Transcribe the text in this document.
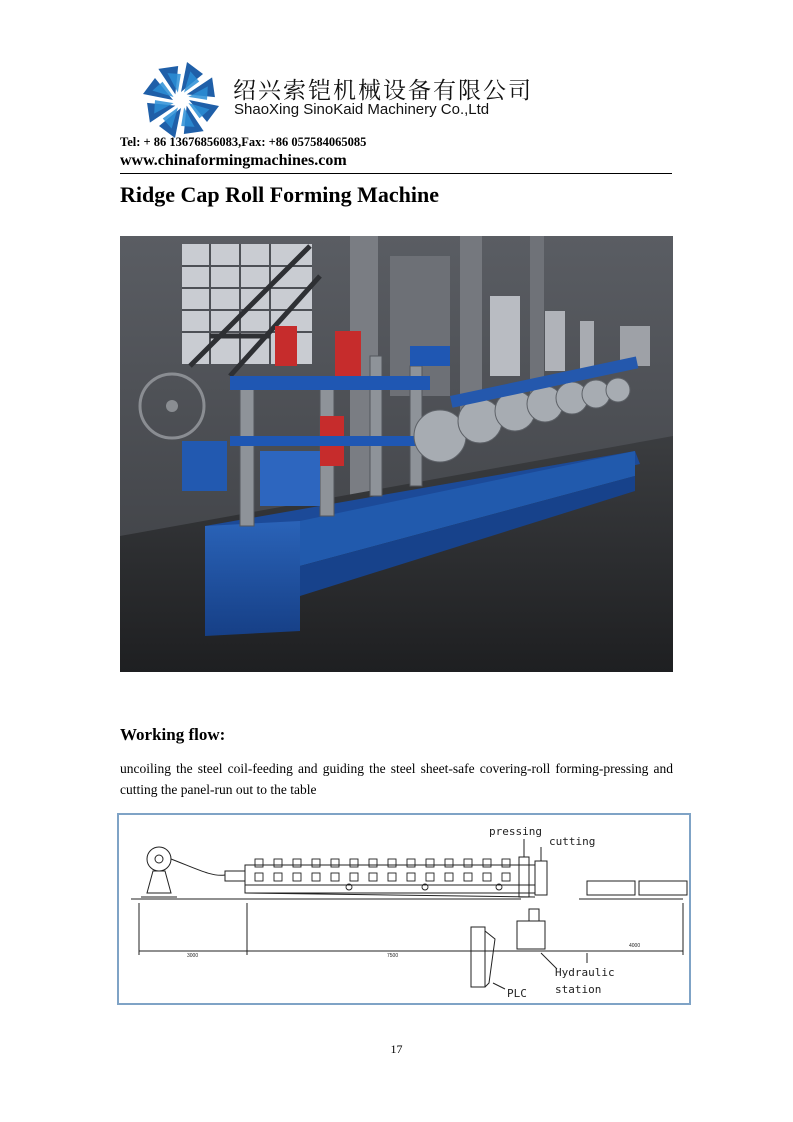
绍兴索铠机械设备有限公司
ShaoXing SinoKaid Machinery Co.,Ltd
Tel: + 86 13676856083,Fax: +86 057584065085
www.chinaformingmachines.com
Ridge Cap Roll Forming Machine
Working flow:
uncoiling the steel coil-feeding and guiding the steel sheet-safe covering-roll forming-pressing and cutting the panel-run out to the table
3000	7500
4000
pressing
cutting
Hydraulic
station
PLC
17
